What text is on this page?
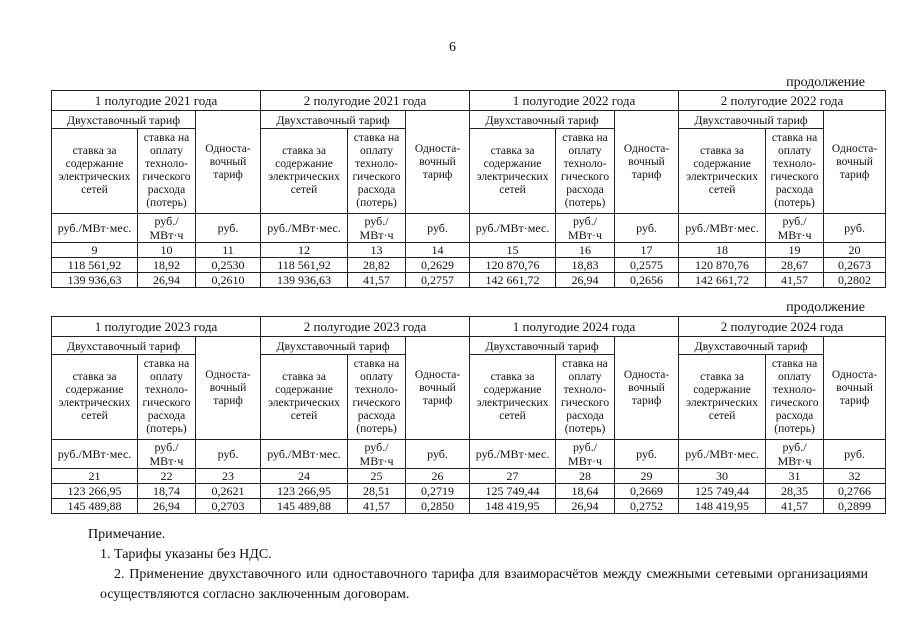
6
продолжение
1 полугодие 2021 года			2 полугодие 2021 года			1 полугодие 2022 года			2 полугодие 2022 года		
Двухставочный тариф		Односта-вочный тариф	Двухставочный тариф		Односта-вочный тариф	Двухставочный тариф		Односта-вочный тариф	Двухставочный тариф		Односта-вочный тариф
ставка за содержание электрических сетей	ставка на оплату техноло-гического расхода (потерь)		ставка за содержание электрических сетей	ставка на оплату техноло-гического расхода (потерь)		ставка за содержание электрических сетей	ставка на оплату техноло-гического расхода (потерь)		ставка за содержание электрических сетей	ставка на оплату техноло-гического расхода (потерь)	
руб./МВт·мес.	руб./ МВт·ч	руб.	руб./МВт·мес.	руб./ МВт·ч	руб.	руб./МВт·мес.	руб./ МВт·ч	руб.	руб./МВт·мес.	руб./ МВт·ч	руб.
9	10	11	12	13	14	15	16	17	18	19	20
118 561,92	18,92	0,2530	118 561,92	28,82	0,2629	120 870,76	18,83	0,2575	120 870,76	28,67	0,2673
139 936,63	26,94	0,2610	139 936,63	41,57	0,2757	142 661,72	26,94	0,2656	142 661,72	41,57	0,2802
продолжение
1 полугодие 2023 года			2 полугодие 2023 года			1 полугодие 2024 года			2 полугодие 2024 года		
Двухставочный тариф		Односта-вочный тариф	Двухставочный тариф		Односта-вочный тариф	Двухставочный тариф		Односта-вочный тариф	Двухставочный тариф		Односта-вочный тариф
ставка за содержание электрических сетей	ставка на оплату техноло-гического расхода (потерь)		ставка за содержание электрических сетей	ставка на оплату техноло-гического расхода (потерь)		ставка за содержание электрических сетей	ставка на оплату техноло-гического расхода (потерь)		ставка за содержание электрических сетей	ставка на оплату техноло-гического расхода (потерь)	
руб./МВт·мес.	руб./ МВт·ч	руб.	руб./МВт·мес.	руб./ МВт·ч	руб.	руб./МВт·мес.	руб./ МВт·ч	руб.	руб./МВт·мес.	руб./ МВт·ч	руб.
21	22	23	24	25	26	27	28	29	30	31	32
123 266,95	18,74	0,2621	123 266,95	28,51	0,2719	125 749,44	18,64	0,2669	125 749,44	28,35	0,2766
145 489,88	26,94	0,2703	145 489,88	41,57	0,2850	148 419,95	26,94	0,2752	148 419,95	41,57	0,2899

Примечание.

1. Тарифы указаны без НДС.

2. Применение двухставочного или одноставочного тарифа для взаиморасчётов между смежными сетевыми организациями осуществляются согласно заключенным договорам.
